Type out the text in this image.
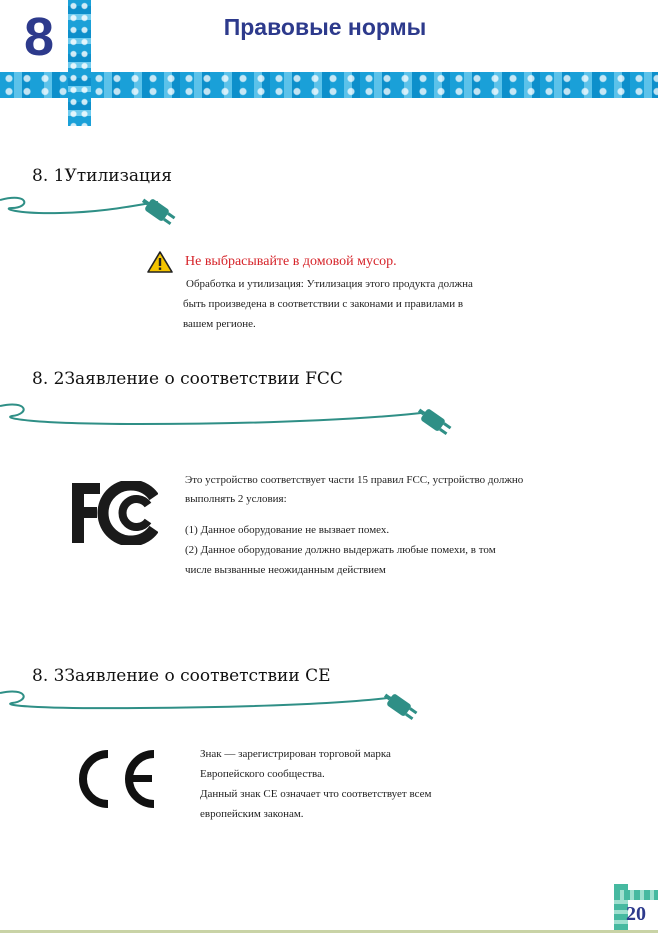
8	Правовые нормы
8. 1Утилизация
Не выбрасывайте в домовой мусор.
Обработка и утилизация: Утилизация этого продукта должна
быть произведена в соответствии с законами и правилами в
вашем регионе.
8. 2Заявление о соответствии FCC
Это устройство соответствует части 15 правил FCC, устройство должно
выполнять 2 условия:
(1) Данное оборудование не вызвает помех.
(2) Данное оборудование должно выдержать любые помехи, в том
числе вызванные неожиданным действием
8. 3Заявление о соответствии CE
Знак — зарегистрирован торговой марка
Европейского сообщества.
Данный знак CE означает что соответствует всем
европейским законам.
20
